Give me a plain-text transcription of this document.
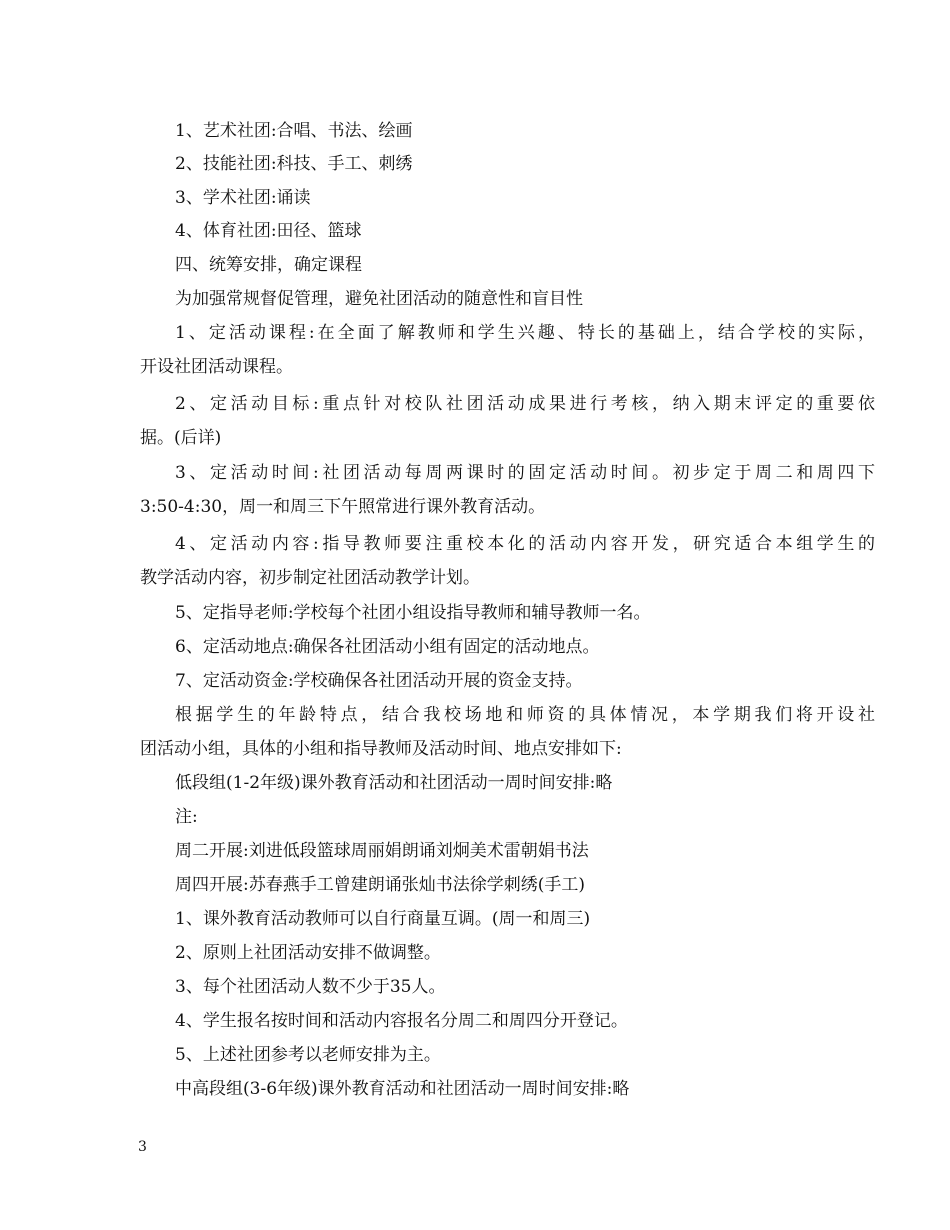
1、艺术社团:合唱、书法、绘画
2、技能社团:科技、手工、刺绣
3、学术社团:诵读
4、体育社团:田径、篮球
四、统筹安排，确定课程
为加强常规督促管理，避免社团活动的随意性和盲目性
1、定活动课程:在全面了解教师和学生兴趣、特长的基础上，结合学校的实际，
开设社团活动课程。
2、定活动目标:重点针对校队社团活动成果进行考核，纳入期末评定的重要依
据。(后详)
3、定活动时间:社团活动每周两课时的固定活动时间。初步定于周二和周四下
3:50-4:30，周一和周三下午照常进行课外教育活动。
4、定活动内容:指导教师要注重校本化的活动内容开发，研究适合本组学生的
教学活动内容，初步制定社团活动教学计划。
5、定指导老师:学校每个社团小组设指导教师和辅导教师一名。
6、定活动地点:确保各社团活动小组有固定的活动地点。
7、定活动资金:学校确保各社团活动开展的资金支持。
根据学生的年龄特点，结合我校场地和师资的具体情况，本学期我们将开设社
团活动小组，具体的小组和指导教师及活动时间、地点安排如下:
低段组(1-2年级)课外教育活动和社团活动一周时间安排:略
注:
周二开展:刘进低段篮球周丽娟朗诵刘炯美术雷朝娟书法
周四开展:苏春燕手工曾建朗诵张灿书法徐学刺绣(手工)
1、课外教育活动教师可以自行商量互调。(周一和周三)
2、原则上社团活动安排不做调整。
3、每个社团活动人数不少于35人。
4、学生报名按时间和活动内容报名分周二和周四分开登记。
5、上述社团参考以老师安排为主。
中高段组(3-6年级)课外教育活动和社团活动一周时间安排:略
3
